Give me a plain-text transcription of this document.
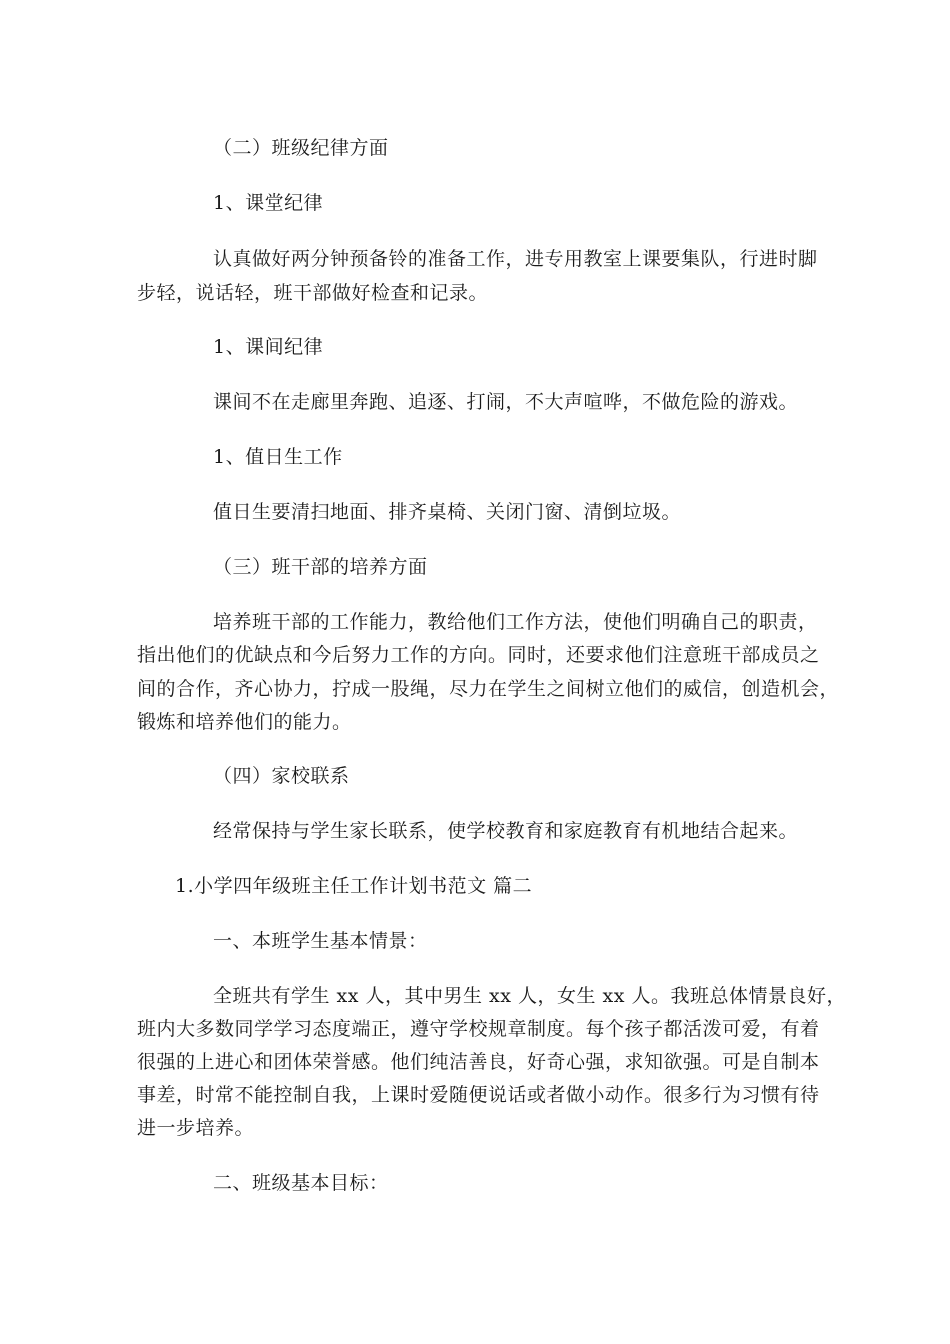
（二）班级纪律方面
1、课堂纪律
认真做好两分钟预备铃的准备工作，进专用教室上课要集队，行进时脚
步轻，说话轻，班干部做好检查和记录。
1、课间纪律
课间不在走廊里奔跑、追逐、打闹，不大声喧哗，不做危险的游戏。
1、值日生工作
值日生要清扫地面、排齐桌椅、关闭门窗、清倒垃圾。
（三）班干部的培养方面
培养班干部的工作能力，教给他们工作方法，使他们明确自己的职责，
指出他们的优缺点和今后努力工作的方向。同时，还要求他们注意班干部成员之
间的合作，齐心协力，拧成一股绳，尽力在学生之间树立他们的威信，创造机会，
锻炼和培养他们的能力。
（四）家校联系
经常保持与学生家长联系，使学校教育和家庭教育有机地结合起来。
1.小学四年级班主任工作计划书范文 篇二
一、本班学生基本情景：
全班共有学生 xx 人，其中男生 xx 人，女生 xx 人。我班总体情景良好，
班内大多数同学学习态度端正，遵守学校规章制度。每个孩子都活泼可爱，有着
很强的上进心和团体荣誉感。他们纯洁善良，好奇心强，求知欲强。可是自制本
事差，时常不能控制自我，上课时爱随便说话或者做小动作。很多行为习惯有待
进一步培养。
二、班级基本目标：
